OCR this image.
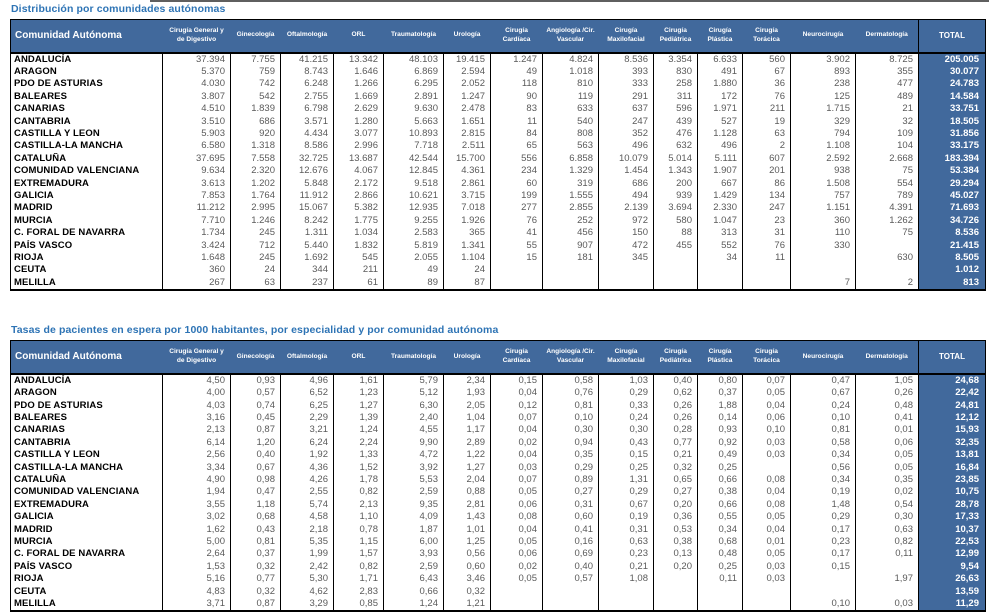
Distribución por comunidades autónomas
Comunidad Autónoma	Cirugía General y de Digestivo	Ginecología	Oftalmología	ORL	Traumatología	Urología	Cirugía Cardíaca	Angiología /Cir. Vascular	Cirugía Maxilofacial	Cirugía Pediátrica	Cirugía Plástica	Cirugía Torácica	Neurocirugía	Dermatología	TOTAL
ANDALUCÍA	37.394	7.755	41.215	13.342	48.103	19.415	1.247	4.824	8.536	3.354	6.633	560	3.902	8.725	205.005
ARAGON	5.370	759	8.743	1.646	6.869	2.594	49	1.018	393	830	491	67	893	355	30.077
PDO DE ASTURIAS	4.030	742	6.248	1.266	6.295	2.052	118	810	333	258	1.880	36	238	477	24.783
BALEARES	3.807	542	2.755	1.669	2.891	1.247	90	119	291	311	172	76	125	489	14.584
CANARIAS	4.510	1.839	6.798	2.629	9.630	2.478	83	633	637	596	1.971	211	1.715	21	33.751
CANTABRIA	3.510	686	3.571	1.280	5.663	1.651	11	540	247	439	527	19	329	32	18.505
CASTILLA Y LEON	5.903	920	4.434	3.077	10.893	2.815	84	808	352	476	1.128	63	794	109	31.856
CASTILLA-LA MANCHA	6.580	1.318	8.586	2.996	7.718	2.511	65	563	496	632	496	2	1.108	104	33.175
CATALUÑA	37.695	7.558	32.725	13.687	42.544	15.700	556	6.858	10.079	5.014	5.111	607	2.592	2.668	183.394
COMUNIDAD VALENCIANA	9.634	2.320	12.676	4.067	12.845	4.361	234	1.329	1.454	1.343	1.907	201	938	75	53.384
EXTREMADURA	3.613	1.202	5.848	2.172	9.518	2.861	60	319	686	200	667	86	1.508	554	29.294
GALICIA	7.853	1.764	11.912	2.866	10.621	3.715	199	1.555	494	939	1.429	134	757	789	45.027
MADRID	11.212	2.995	15.067	5.382	12.935	7.018	277	2.855	2.139	3.694	2.330	247	1.151	4.391	71.693
MURCIA	7.710	1.246	8.242	1.775	9.255	1.926	76	252	972	580	1.047	23	360	1.262	34.726
C. FORAL DE NAVARRA	1.734	245	1.311	1.034	2.583	365	41	456	150	88	313	31	110	75	8.536
PAÍS VASCO	3.424	712	5.440	1.832	5.819	1.341	55	907	472	455	552	76	330		21.415
RIOJA	1.648	245	1.692	545	2.055	1.104	15	181	345		34	11		630	8.505
CEUTA	360	24	344	211	49	24									1.012
MELILLA	267	63	237	61	89	87							7	2	813
Tasas de pacientes en espera por 1000 habitantes, por especialidad y por comunidad autónoma
Comunidad Autónoma	Cirugía General y de Digestivo	Ginecología	Oftalmología	ORL	Traumatología	Urología	Cirugía Cardíaca	Angiología /Cir. Vascular	Cirugía Maxilofacial	Cirugía Pediátrica	Cirugía Plástica	Cirugía Torácica	Neurocirugía	Dermatología	TOTAL
ANDALUCÍA	4,50	0,93	4,96	1,61	5,79	2,34	0,15	0,58	1,03	0,40	0,80	0,07	0,47	1,05	24,68
ARAGON	4,00	0,57	6,52	1,23	5,12	1,93	0,04	0,76	0,29	0,62	0,37	0,05	0,67	0,26	22,42
PDO DE ASTURIAS	4,03	0,74	6,25	1,27	6,30	2,05	0,12	0,81	0,33	0,26	1,88	0,04	0,24	0,48	24,81
BALEARES	3,16	0,45	2,29	1,39	2,40	1,04	0,07	0,10	0,24	0,26	0,14	0,06	0,10	0,41	12,12
CANARIAS	2,13	0,87	3,21	1,24	4,55	1,17	0,04	0,30	0,30	0,28	0,93	0,10	0,81	0,01	15,93
CANTABRIA	6,14	1,20	6,24	2,24	9,90	2,89	0,02	0,94	0,43	0,77	0,92	0,03	0,58	0,06	32,35
CASTILLA Y LEON	2,56	0,40	1,92	1,33	4,72	1,22	0,04	0,35	0,15	0,21	0,49	0,03	0,34	0,05	13,81
CASTILLA-LA MANCHA	3,34	0,67	4,36	1,52	3,92	1,27	0,03	0,29	0,25	0,32	0,25		0,56	0,05	16,84
CATALUÑA	4,90	0,98	4,26	1,78	5,53	2,04	0,07	0,89	1,31	0,65	0,66	0,08	0,34	0,35	23,85
COMUNIDAD VALENCIANA	1,94	0,47	2,55	0,82	2,59	0,88	0,05	0,27	0,29	0,27	0,38	0,04	0,19	0,02	10,75
EXTREMADURA	3,55	1,18	5,74	2,13	9,35	2,81	0,06	0,31	0,67	0,20	0,66	0,08	1,48	0,54	28,78
GALICIA	3,02	0,68	4,58	1,10	4,09	1,43	0,08	0,60	0,19	0,36	0,55	0,05	0,29	0,30	17,33
MADRID	1,62	0,43	2,18	0,78	1,87	1,01	0,04	0,41	0,31	0,53	0,34	0,04	0,17	0,63	10,37
MURCIA	5,00	0,81	5,35	1,15	6,00	1,25	0,05	0,16	0,63	0,38	0,68	0,01	0,23	0,82	22,53
C. FORAL DE NAVARRA	2,64	0,37	1,99	1,57	3,93	0,56	0,06	0,69	0,23	0,13	0,48	0,05	0,17	0,11	12,99
PAÍS VASCO	1,53	0,32	2,42	0,82	2,59	0,60	0,02	0,40	0,21	0,20	0,25	0,03	0,15		9,54
RIOJA	5,16	0,77	5,30	1,71	6,43	3,46	0,05	0,57	1,08		0,11	0,03		1,97	26,63
CEUTA	4,83	0,32	4,62	2,83	0,66	0,32									13,59
MELILLA	3,71	0,87	3,29	0,85	1,24	1,21							0,10	0,03	11,29
